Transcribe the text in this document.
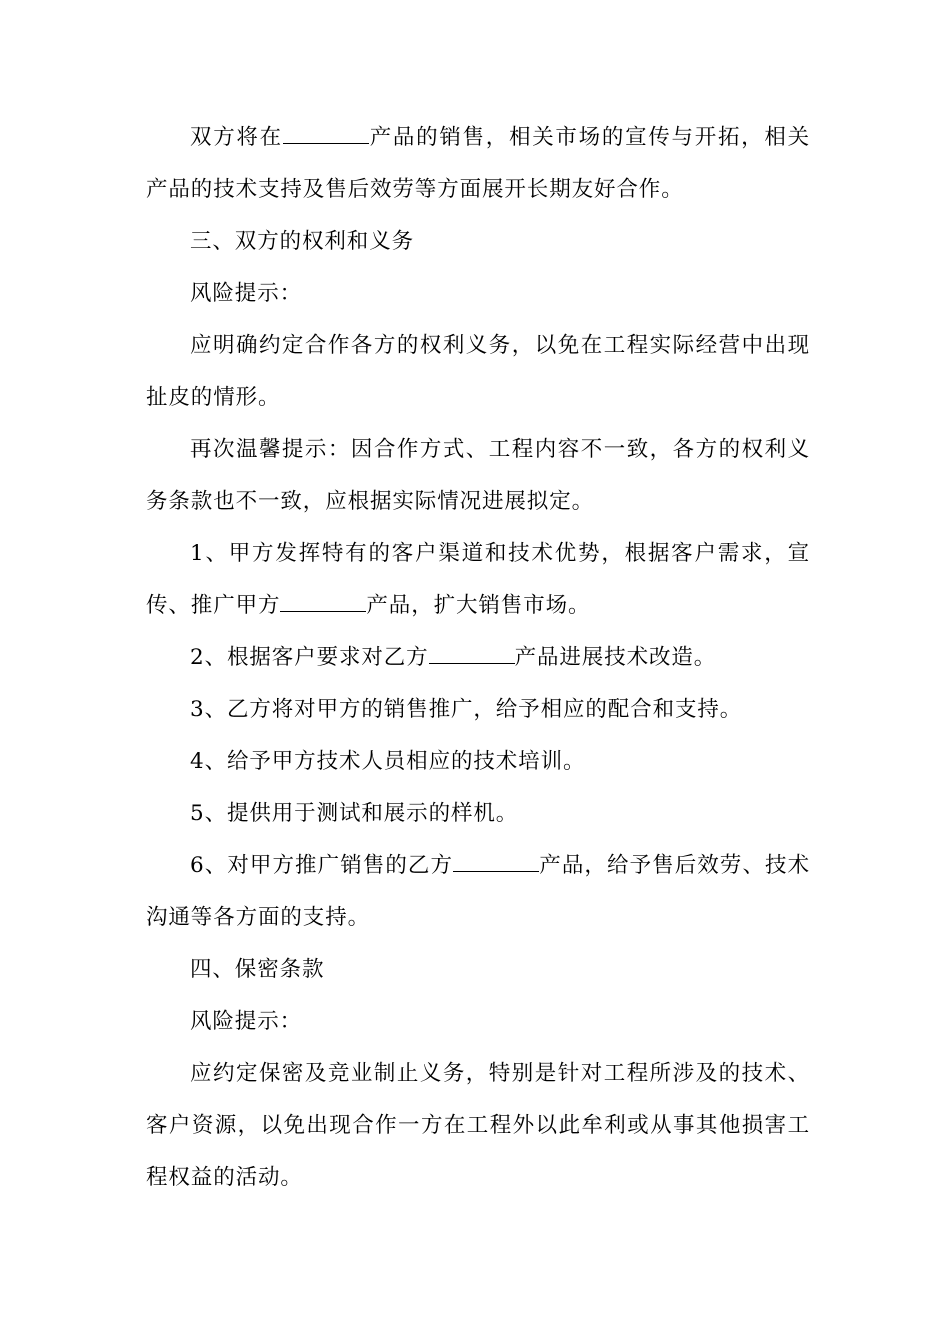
双方将在	产品的销售，相关市场的宣传与开拓，相关产品的技术支持及售后效劳等方面展开长期友好合作。

三、双方的权利和义务

风险提示：

应明确约定合作各方的权利义务，以免在工程实际经营中出现扯皮的情形。

再次温馨提示：因合作方式、工程内容不一致，各方的权利义务条款也不一致，应根据实际情况进展拟定。

1、甲方发挥特有的客户渠道和技术优势，根据客户需求，宣传、推广甲方	产品，扩大销售市场。

2、根据客户要求对乙方	产品进展技术改造。

3、乙方将对甲方的销售推广，给予相应的配合和支持。

4、给予甲方技术人员相应的技术培训。

5、提供用于测试和展示的样机。

6、对甲方推广销售的乙方	产品，给予售后效劳、技术沟通等各方面的支持。

四、保密条款

风险提示：

应约定保密及竞业制止义务，特别是针对工程所涉及的技术、客户资源，以免出现合作一方在工程外以此牟利或从事其他损害工程权益的活动。
